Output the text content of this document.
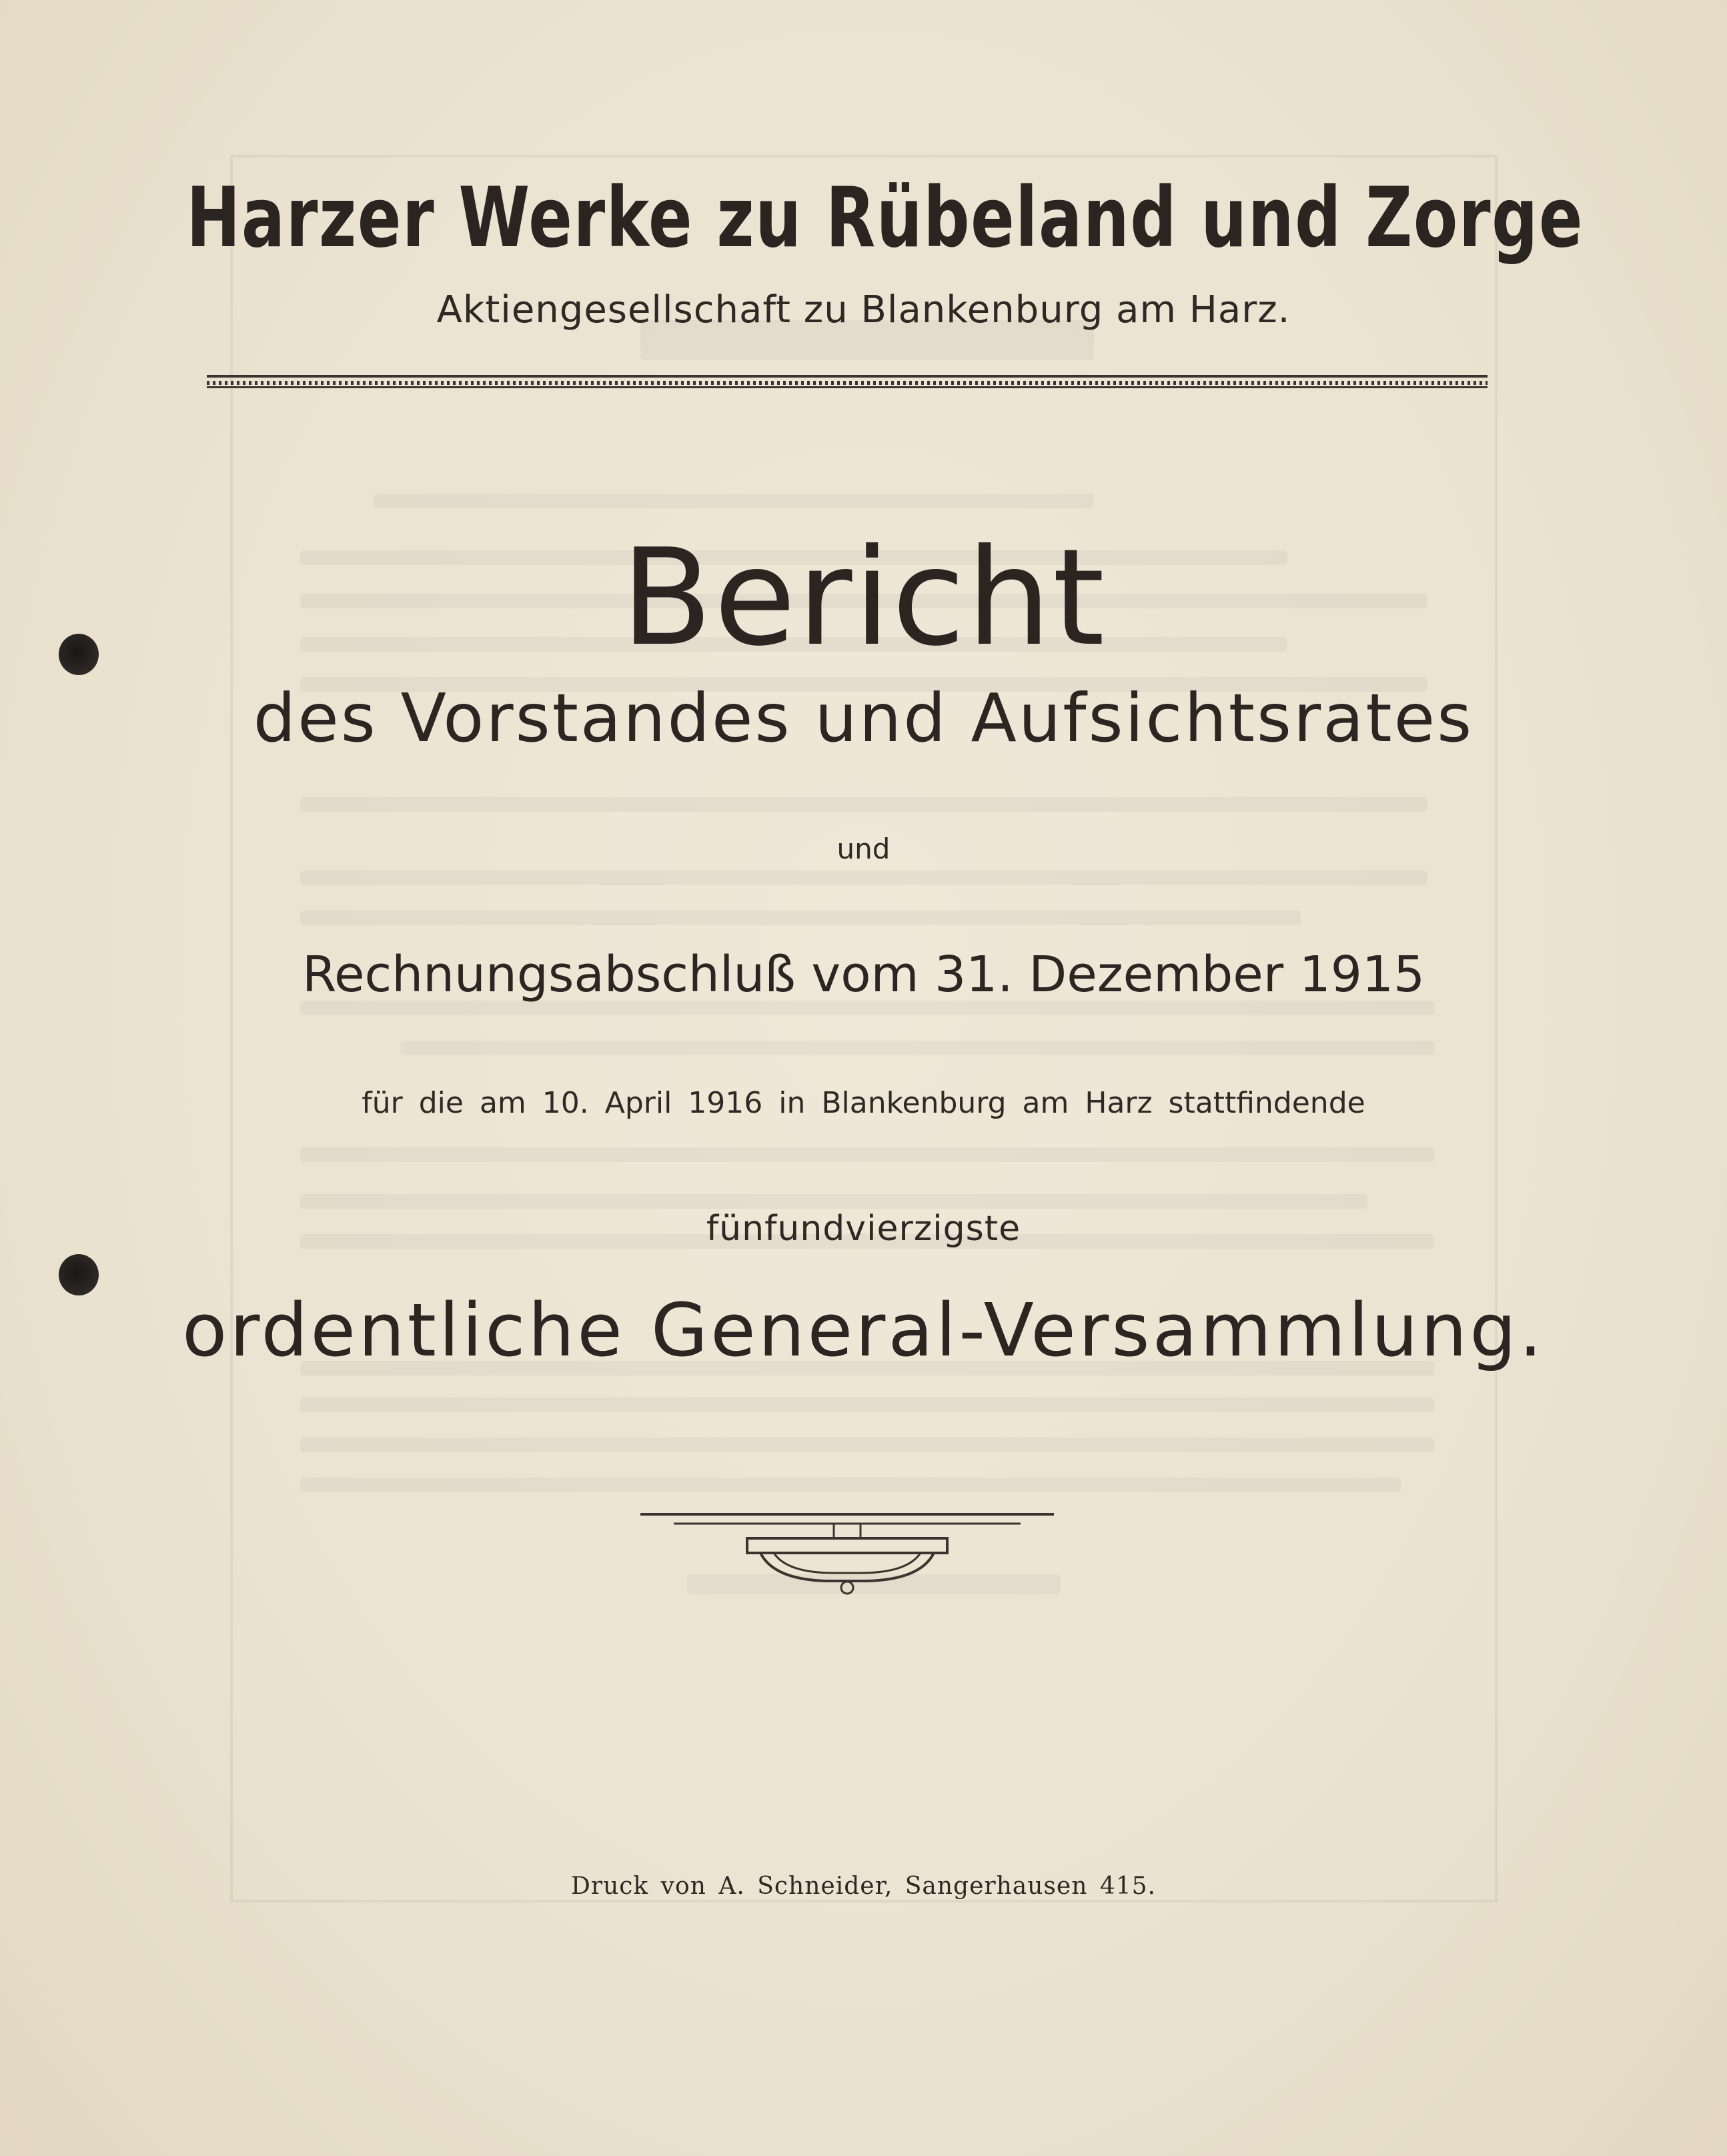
Harzer Werke zu Rübeland und Zorge
Aktiengesellschaft zu Blankenburg am Harz.
Bericht
des Vorstandes und Aufsichtsrates
und
Rechnungsabschluß vom 31. Dezember 1915
für die am 10. April 1916 in Blankenburg am Harz stattfindende
fünfundvierzigste
ordentliche General-Versammlung.
Druck von A. Schneider, Sangerhausen 415.
